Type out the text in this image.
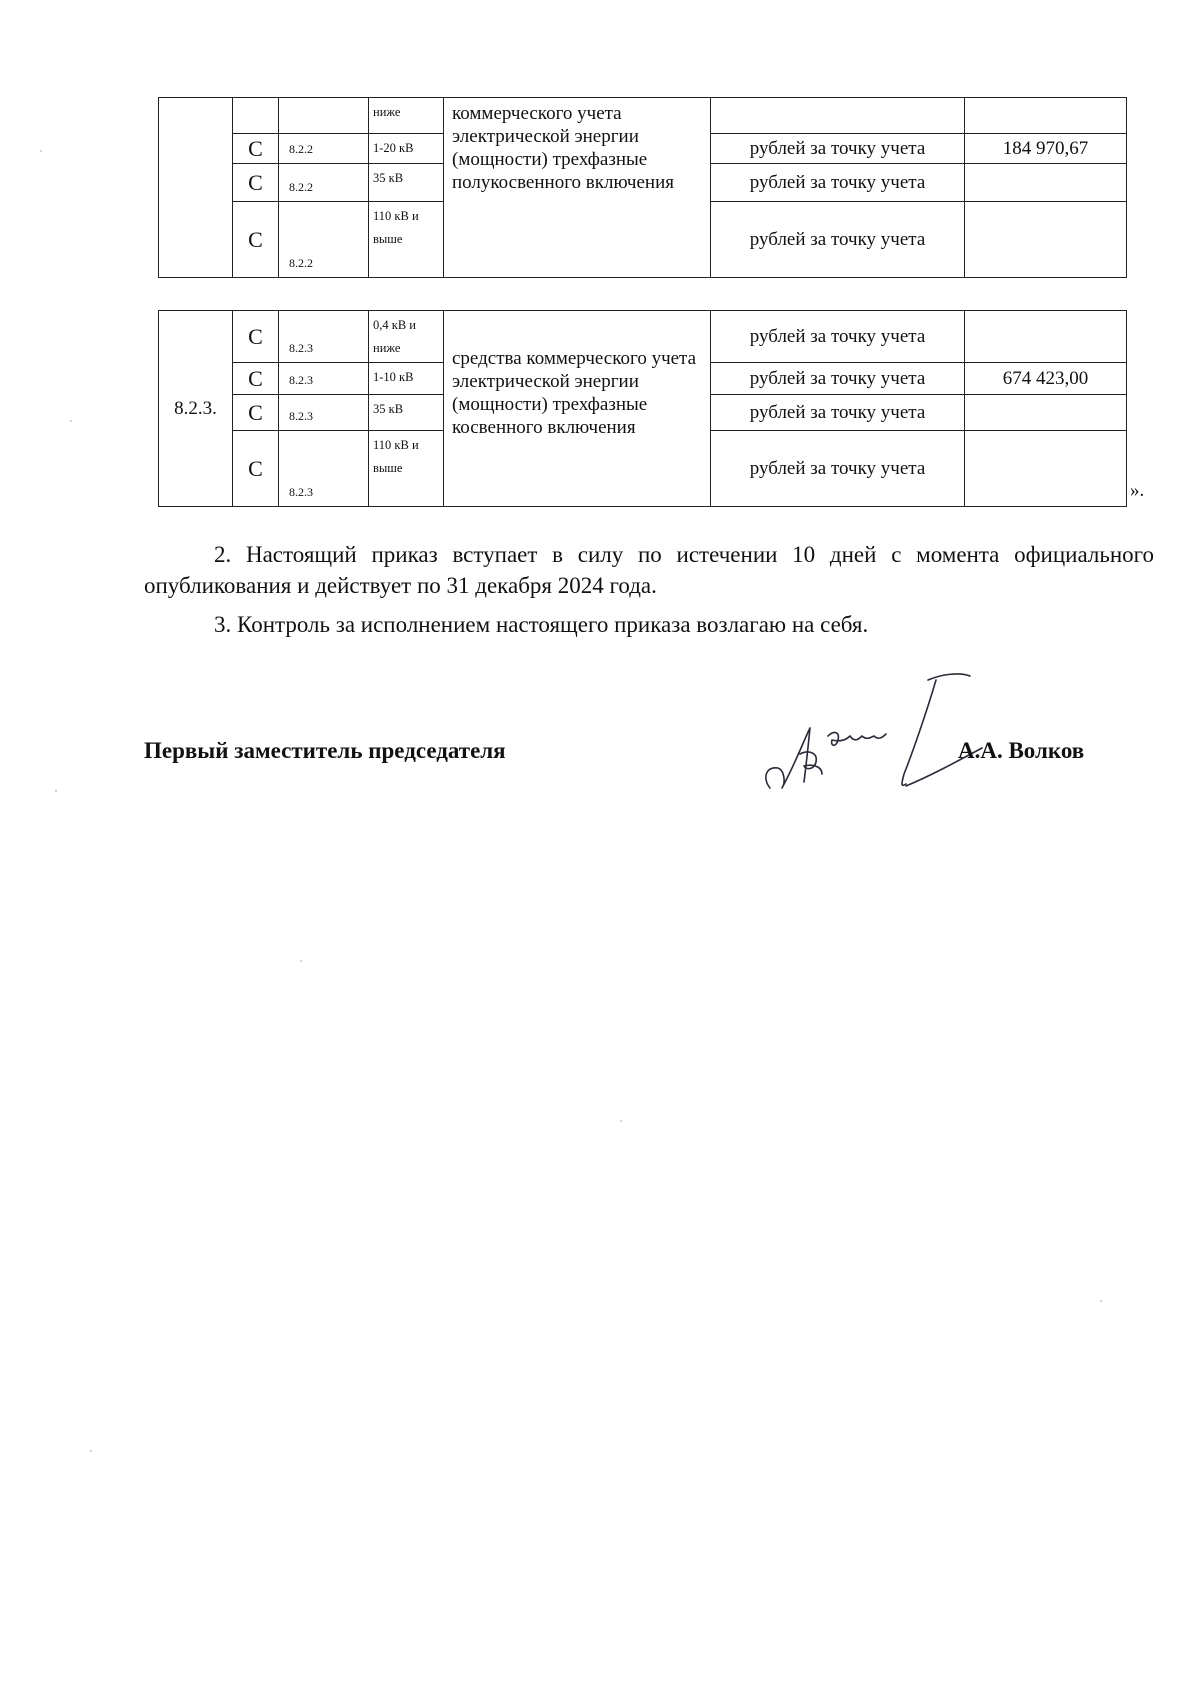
			ниже	коммерческого учета электрической энергии (мощности) трехфазные полукосвенного включения		
	С	8.2.2	1-20 кВ		рублей за точку учета	184 970,67
	С	8.2.2	35 кВ		рублей за точку учета	
	С	8.2.2	110 кВ и выше		рублей за точку учета	
8.2.3.	С	8.2.3	0,4 кВ и ниже	средства коммерческого учета электрической энергии (мощности) трехфазные косвенного включения	рублей за точку учета	
	С	8.2.3	1-10 кВ		рублей за точку учета	674 423,00
	С	8.2.3	35 кВ		рублей за точку учета	
	С	8.2.3	110 кВ и выше		рублей за точку учета	
».
2. Настоящий приказ вступает в силу по истечении 10 дней с момента официального опубликования и действует по 31 декабря 2024 года.
3. Контроль за исполнением настоящего приказа возлагаю на себя.
Первый заместитель председателя	А.А. Волков
